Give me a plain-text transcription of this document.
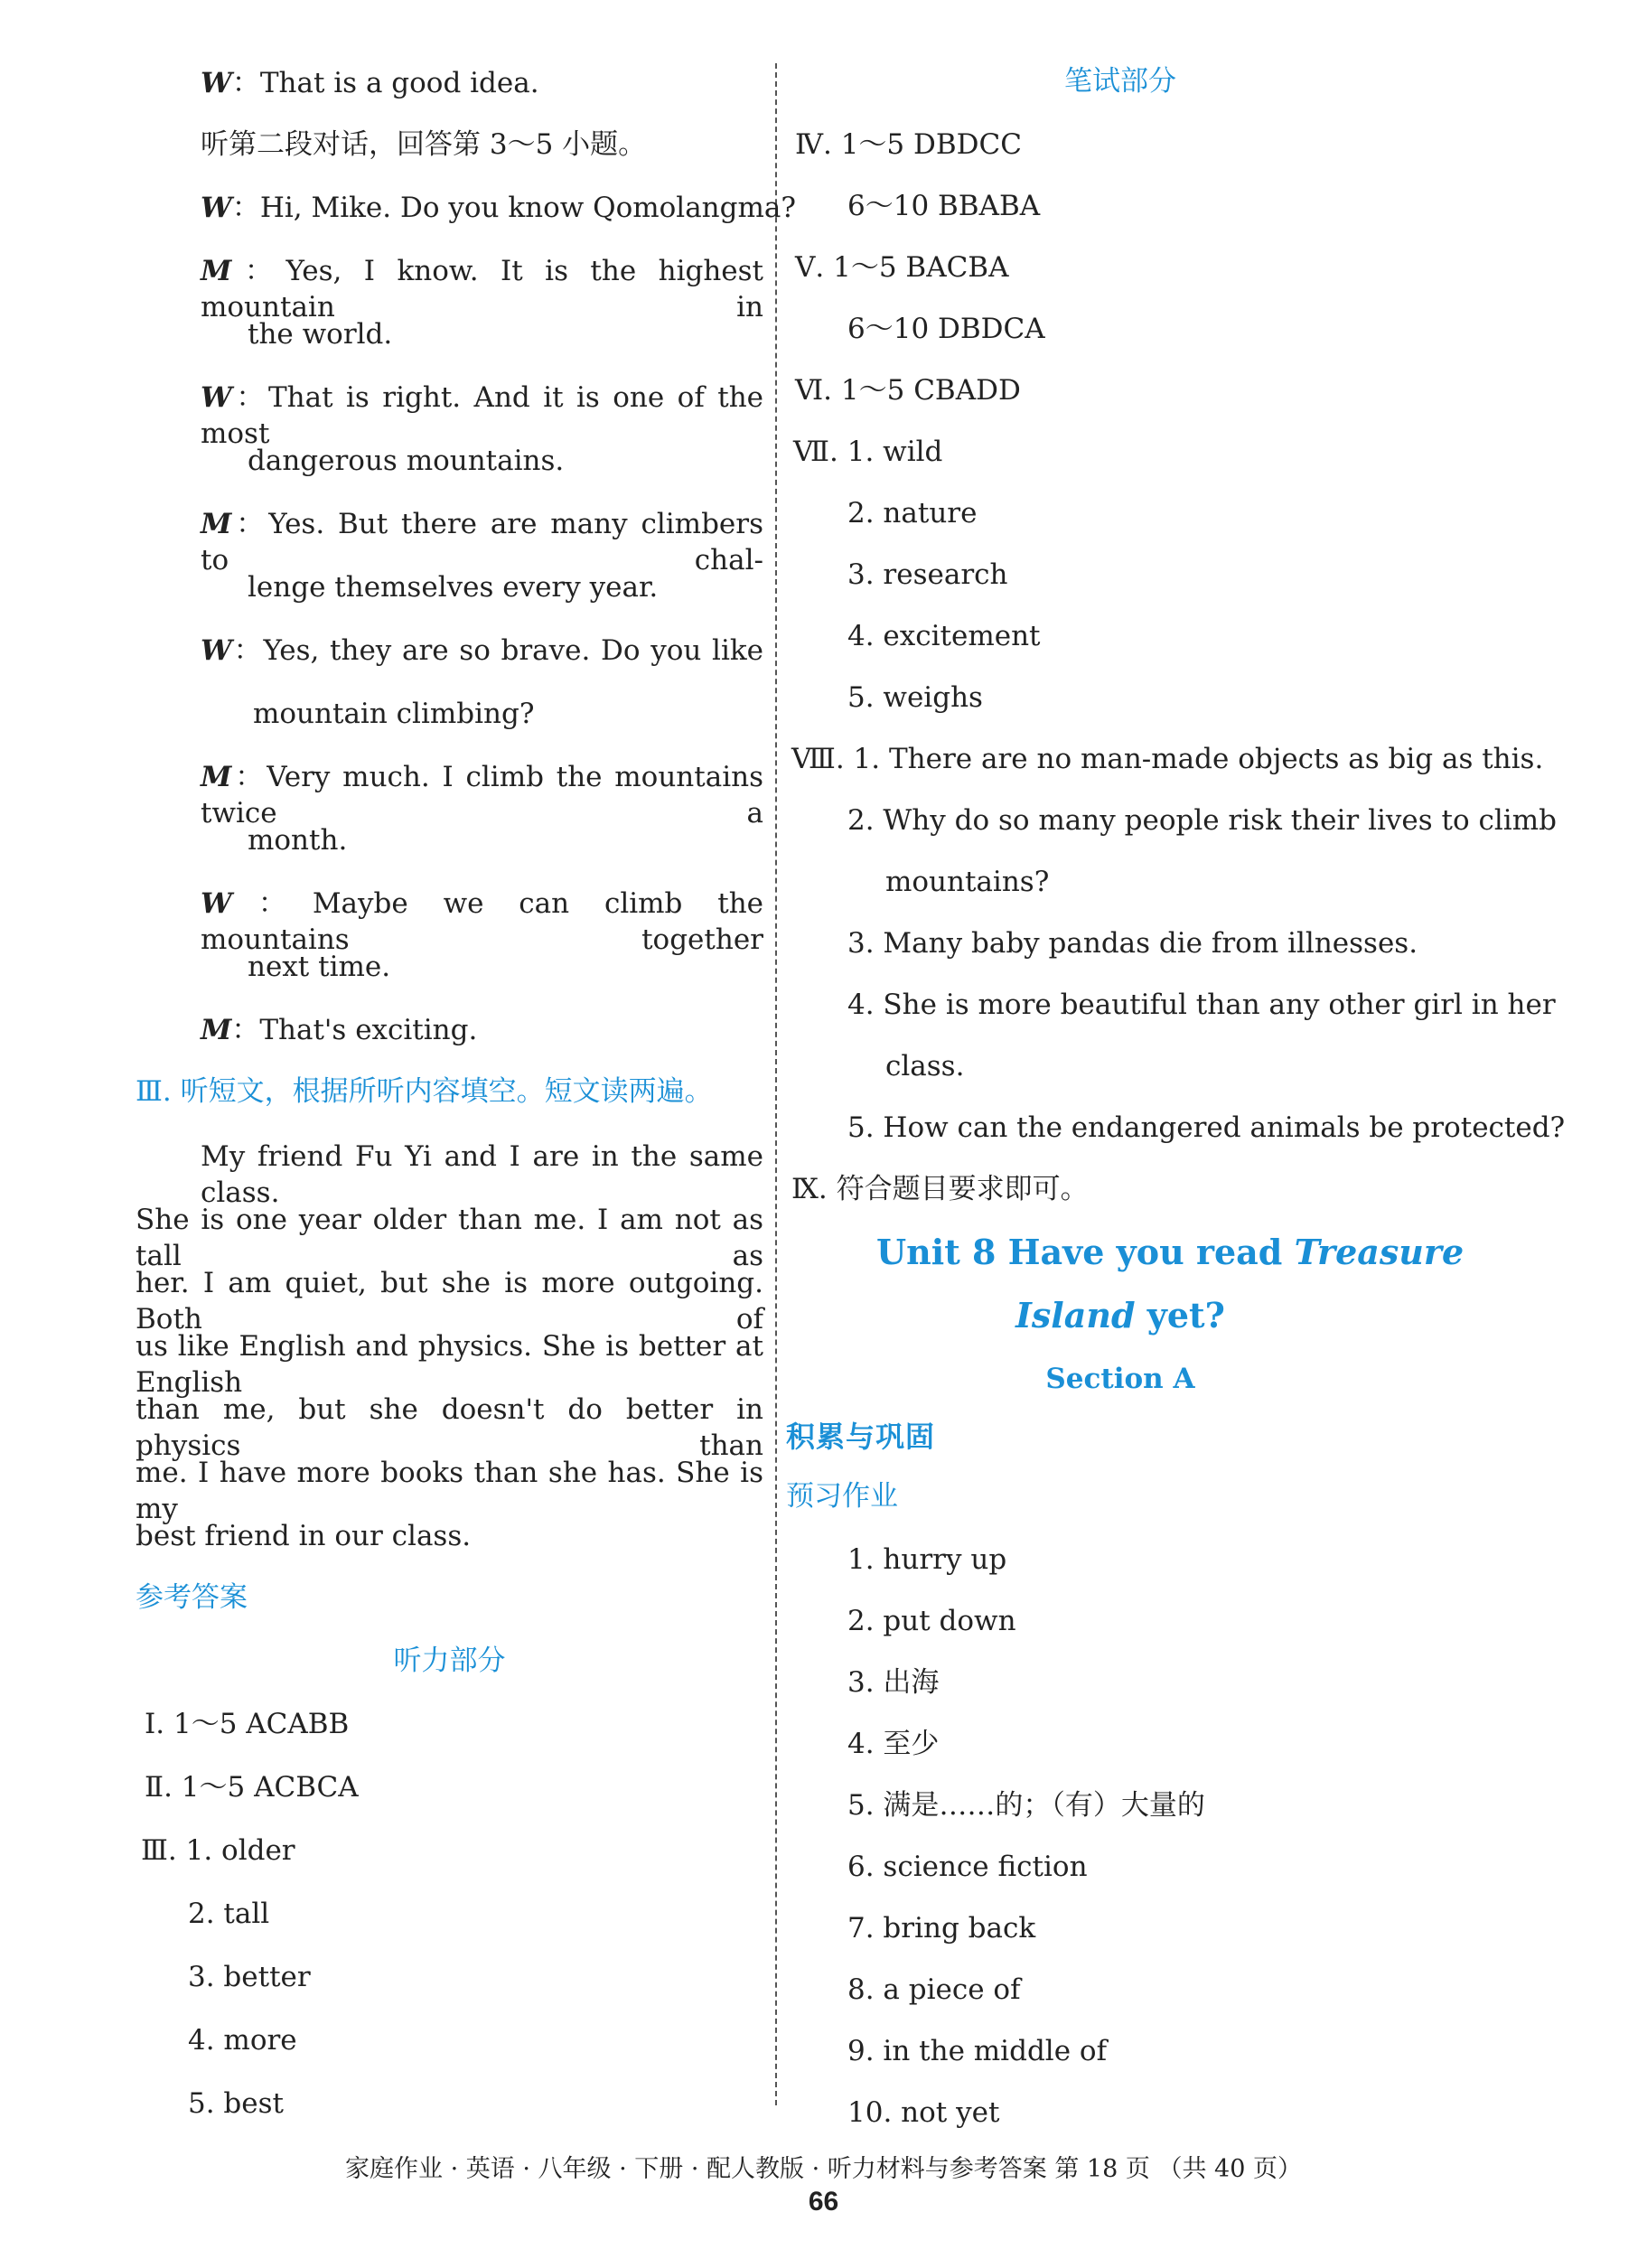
W：That is a good idea.
听第二段对话，回答第 3～5 小题。
W：Hi, Mike. Do you know Qomolangma?
M：Yes, I know. It is the highest mountain in
the world.
W：That is right. And it is one of the most
dangerous mountains.
M：Yes. But there are many climbers to chal-
lenge themselves every year.
W：Yes, they are so brave. Do you like
mountain climbing?
M：Very much. I climb the mountains twice a
month.
W：Maybe we can climb the mountains together
next time.
M：That's exciting.
Ⅲ. 听短文，根据所听内容填空。短文读两遍。
My friend Fu Yi and I are in the same class.
She is one year older than me. I am not as tall as
her. I am quiet, but she is more outgoing. Both of
us like English and physics. She is better at English
than me, but she doesn't do better in physics than
me. I have more books than she has. She is my
best friend in our class.
参考答案
听力部分
Ⅰ. 1～5 ACABB
Ⅱ. 1～5 ACBCA
Ⅲ. 1. older
2. tall
3. better
4. more
5. best
笔试部分
Ⅳ. 1～5 DBDCC
6～10 BBABA
Ⅴ. 1～5 BACBA
6～10 DBDCA
Ⅵ. 1～5 CBADD
Ⅶ. 1. wild
2. nature
3. research
4. excitement
5. weighs
Ⅷ. 1. There are no man-made objects as big as this.
2. Why do so many people risk their lives to climb
mountains?
3. Many baby pandas die from illnesses.
4. She is more beautiful than any other girl in her
class.
5. How can the endangered animals be protected?
Ⅸ. 符合题目要求即可。
Unit 8 Have you read Treasure
Island yet?
Section A
积累与巩固
预习作业
1. hurry up
2. put down
3. 出海
4. 至少
5. 满是……的；（有）大量的
6. science fiction
7. bring back
8. a piece of
9. in the middle of
10. not yet
家庭作业 · 英语 · 八年级 · 下册 · 配人教版 · 听力材料与参考答案 第 18 页 （共 40 页）
66
